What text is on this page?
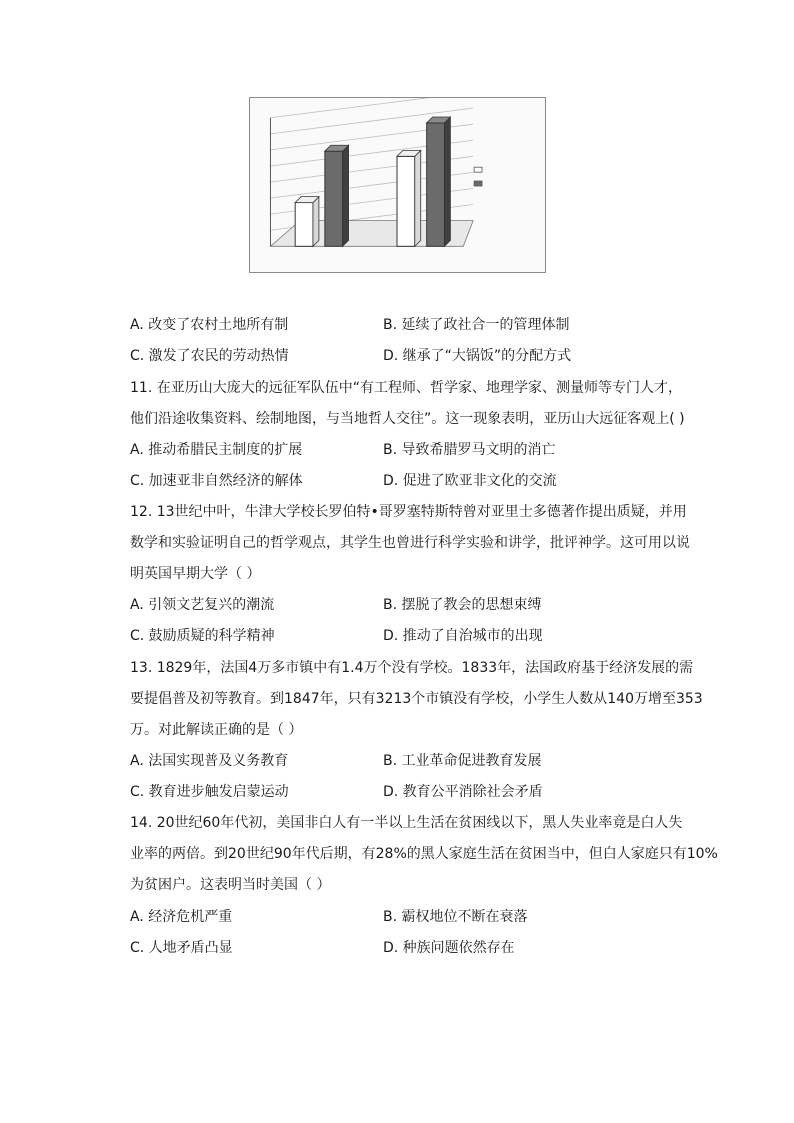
A. 改变了农村土地所有制	B. 延续了政社合一的管理体制
C. 激发了农民的劳动热情	D. 继承了“大锅饭”的分配方式
11. 在亚历山大庞大的远征军队伍中“有工程师、哲学家、地理学家、测量师等专门人才，
他们沿途收集资料、绘制地图，与当地哲人交往”。这一现象表明，亚历山大远征客观上( )
A. 推动希腊民主制度的扩展	B. 导致希腊罗马文明的消亡
C. 加速亚非自然经济的解体	D. 促进了欧亚非文化的交流
12. 13世纪中叶，牛津大学校长罗伯特•哥罗塞特斯特曾对亚里士多德著作提出质疑，并用
数学和实验证明自己的哲学观点，其学生也曾进行科学实验和讲学，批评神学。这可用以说
明英国早期大学（ ）
A. 引领文艺复兴的潮流	B. 摆脱了教会的思想束缚
C. 鼓励质疑的科学精神	D. 推动了自治城市的出现
13. 1829年，法国4万多市镇中有1.4万个没有学校。1833年，法国政府基于经济发展的需
要提倡普及初等教育。到1847年，只有3213个市镇没有学校，小学生人数从140万增至353
万。对此解读正确的是（ ）
A. 法国实现普及义务教育	B. 工业革命促进教育发展
C. 教育进步触发启蒙运动	D. 教育公平消除社会矛盾
14. 20世纪60年代初，美国非白人有一半以上生活在贫困线以下，黑人失业率竟是白人失
业率的两倍。到20世纪90年代后期，有28%的黑人家庭生活在贫困当中，但白人家庭只有10%
为贫困户。这表明当时美国（ ）
A. 经济危机严重	B. 霸权地位不断在衰落
C. 人地矛盾凸显	D. 种族问题依然存在
